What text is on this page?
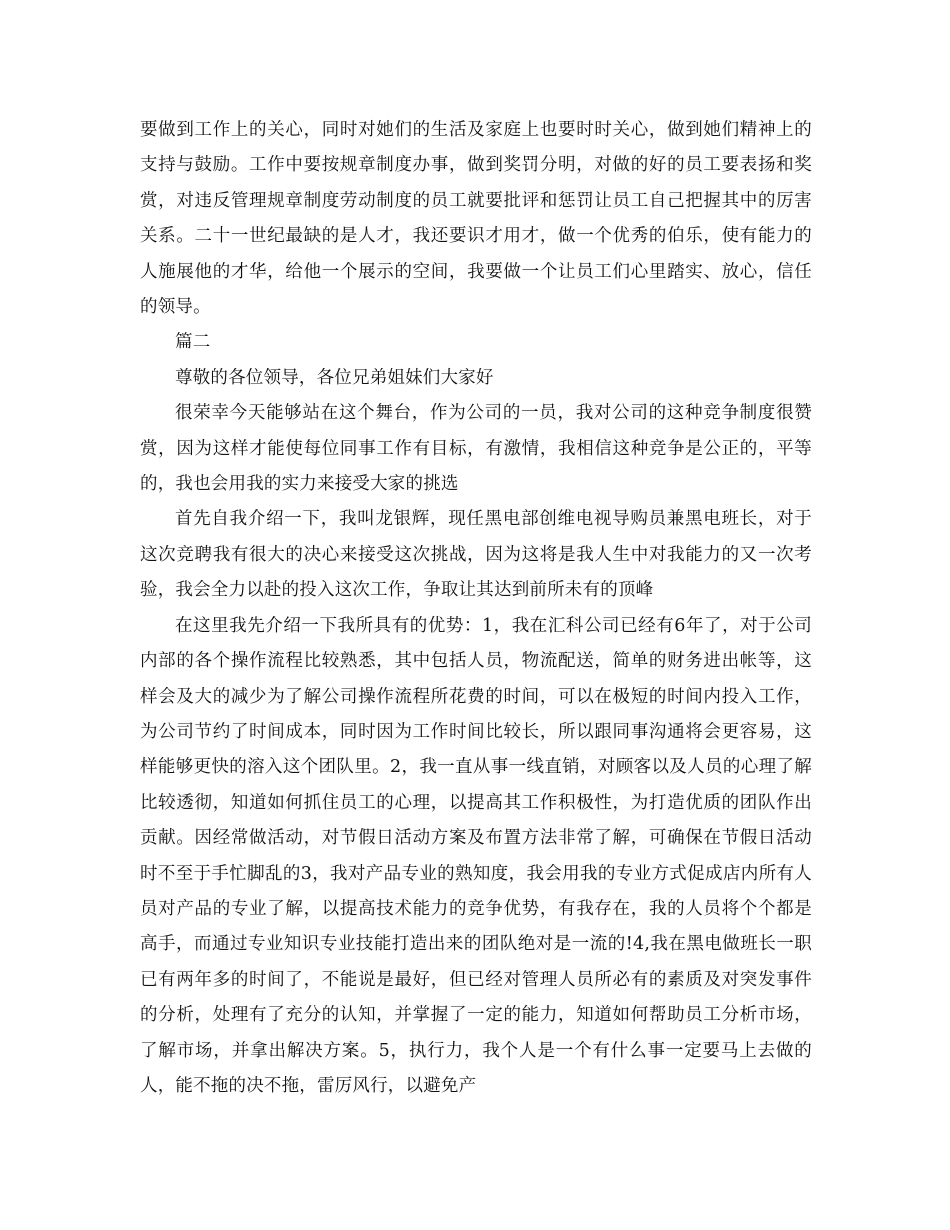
要做到工作上的关心，同时对她们的生活及家庭上也要时时关心，做到她们精神上的支持与鼓励。工作中要按规章制度办事，做到奖罚分明，对做的好的员工要表扬和奖赏，对违反管理规章制度劳动制度的员工就要批评和惩罚让员工自己把握其中的厉害关系。二十一世纪最缺的是人才，我还要识才用才，做一个优秀的伯乐，使有能力的人施展他的才华，给他一个展示的空间，我要做一个让员工们心里踏实、放心，信任的领导。

篇二

尊敬的各位领导，各位兄弟姐妹们大家好

很荣幸今天能够站在这个舞台，作为公司的一员，我对公司的这种竞争制度很赞赏，因为这样才能使每位同事工作有目标，有激情，我相信这种竞争是公正的，平等的，我也会用我的实力来接受大家的挑选

首先自我介绍一下，我叫龙银辉，现任黑电部创维电视导购员兼黑电班长，对于这次竞聘我有很大的决心来接受这次挑战，因为这将是我人生中对我能力的又一次考验，我会全力以赴的投入这次工作，争取让其达到前所未有的顶峰

在这里我先介绍一下我所具有的优势：1，我在汇科公司已经有6年了，对于公司内部的各个操作流程比较熟悉，其中包括人员，物流配送，简单的财务进出帐等，这样会及大的减少为了解公司操作流程所花费的时间，可以在极短的时间内投入工作，为公司节约了时间成本，同时因为工作时间比较长，所以跟同事沟通将会更容易，这样能够更快的溶入这个团队里。2，我一直从事一线直销，对顾客以及人员的心理了解比较透彻，知道如何抓住员工的心理，以提高其工作积极性，为打造优质的团队作出贡献。因经常做活动，对节假日活动方案及布置方法非常了解，可确保在节假日活动时不至于手忙脚乱的3，我对产品专业的熟知度，我会用我的专业方式促成店内所有人员对产品的专业了解，以提高技术能力的竞争优势，有我存在，我的人员将个个都是高手，而通过专业知识专业技能打造出来的团队绝对是一流的!4,我在黑电做班长一职已有两年多的时间了，不能说是最好，但已经对管理人员所必有的素质及对突发事件的分析，处理有了充分的认知，并掌握了一定的能力，知道如何帮助员工分析市场，了解市场，并拿出解决方案。5，执行力，我个人是一个有什么事一定要马上去做的人，能不拖的决不拖，雷厉风行，以避免产
